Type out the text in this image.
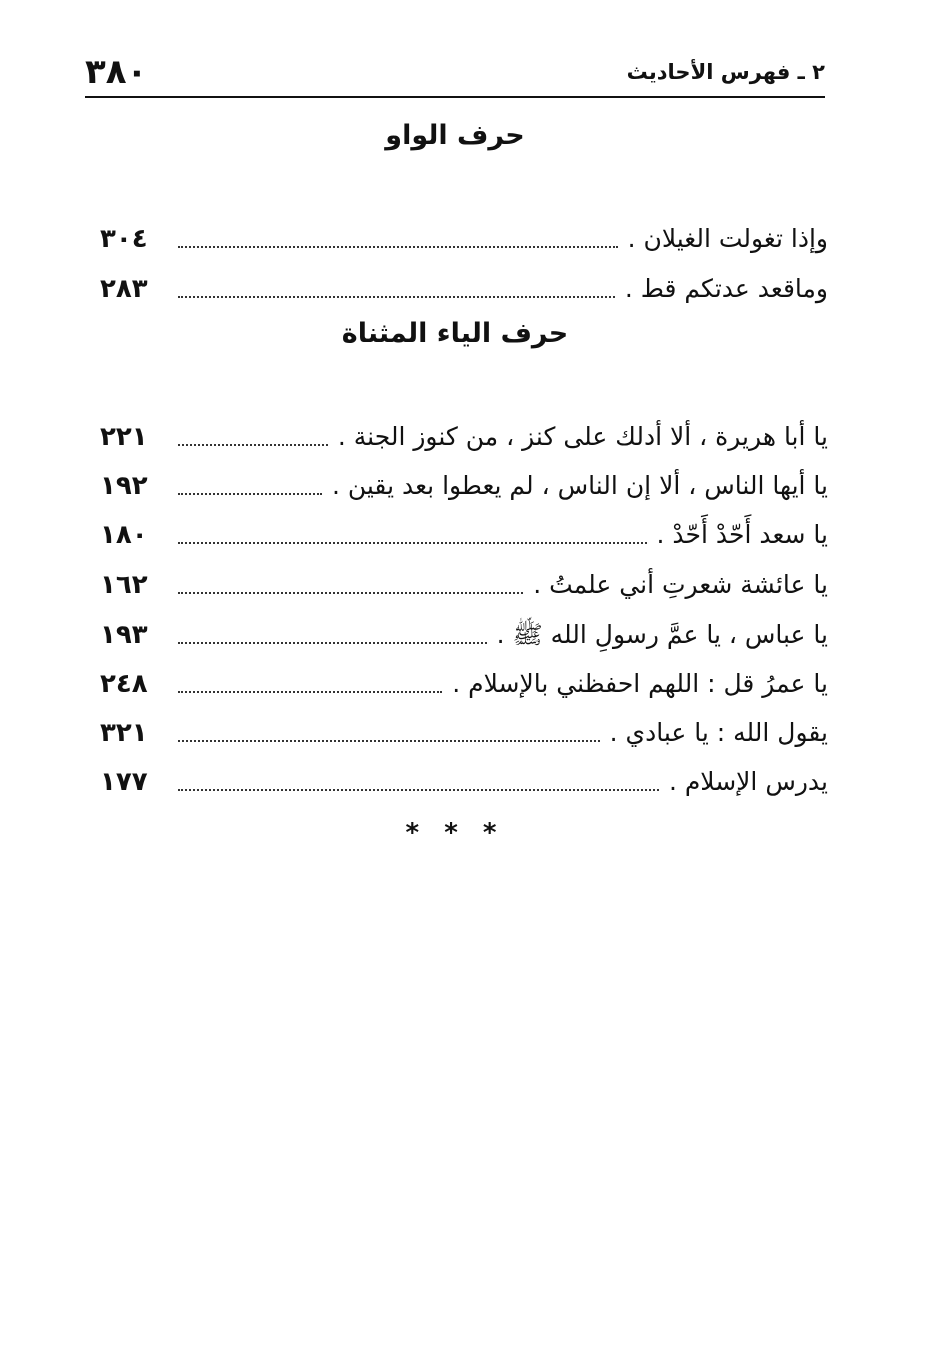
٣٨٠	٢ ـ فهرس الأحاديث
حرف الواو
٣٠٤	وإذا تغولت الغيلان .
٢٨٣	وماقعد عدتكم قط .
حرف الياء المثناة
٢٢١	يا أبا هريرة ، ألا أدلك على كنز ، من كنوز الجنة .
١٩٢	يا أيها الناس ، ألا إن الناس ، لم يعطوا بعد يقين .
١٨٠	يا سعد أَحّدْ أَحّدْ .
١٦٢	يا عائشة شعرتِ أني علمتُ .
١٩٣	يا عباس ، يا عمَّ رسولِ الله ﷺ .
٢٤٨	يا عمرُ قل : اللهم احفظني بالإسلام .
٣٢١	يقول الله : يا عبادي .
١٧٧	يدرس الإسلام .
* * *
